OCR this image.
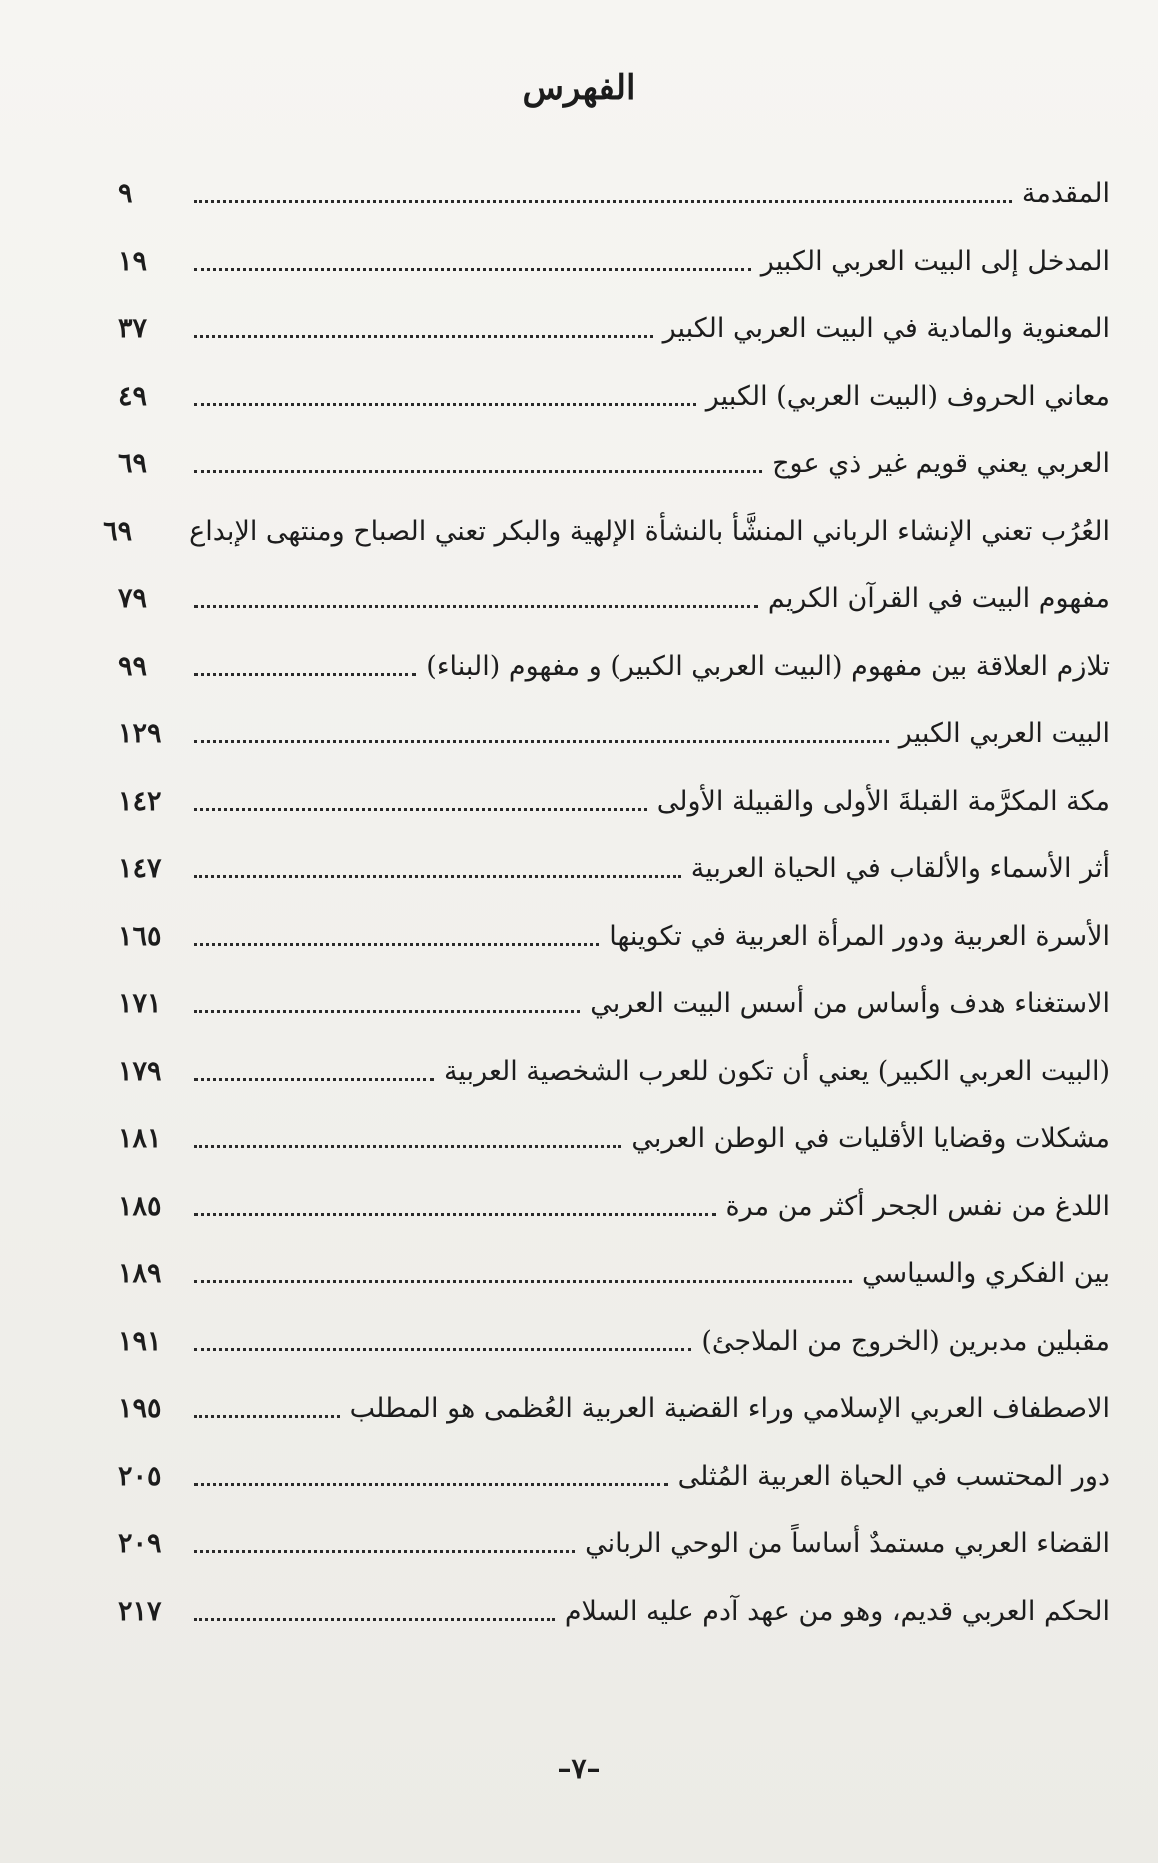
الفهرس
المقدمة
٩
المدخل إلى البيت العربي الكبير
١٩
المعنوية والمادية في البيت العربي الكبير
٣٧
معاني الحروف (البيت العربي) الكبير
٤٩
العربي يعني قويم غير ذي عوج
٦٩
العُرُب تعني الإنشاء الرباني المنشَّأ بالنشأة الإلهية والبكر تعني الصباح ومنتهى الإبداع
٦٩
مفهوم البيت في القرآن الكريم
٧٩
تلازم العلاقة بين مفهوم (البيت العربي الكبير) و مفهوم (البناء)
٩٩
البيت العربي الكبير
١٢٩
مكة المكرَّمة القبلةَ الأولى والقبيلة الأولى
١٤٢
أثر الأسماء والألقاب في الحياة العربية
١٤٧
الأسرة العربية ودور المرأة العربية في تكوينها
١٦٥
الاستغناء هدف وأساس من أسس البيت العربي
١٧١
(البيت العربي الكبير) يعني أن تكون للعرب الشخصية العربية
١٧٩
مشكلات وقضايا الأقليات في الوطن العربي
١٨١
اللدغ من نفس الجحر أكثر من مرة
١٨٥
بين الفكري والسياسي
١٨٩
مقبلين مدبرين (الخروج من الملاجئ)
١٩١
الاصطفاف العربي الإسلامي وراء القضية العربية العُظمى هو المطلب
١٩٥
دور المحتسب في الحياة العربية المُثلى
٢٠٥
القضاء العربي مستمدٌ أساساً من الوحي الرباني
٢٠٩
الحكم العربي قديم، وهو من عهد آدم عليه السلام
٢١٧
–٧–
